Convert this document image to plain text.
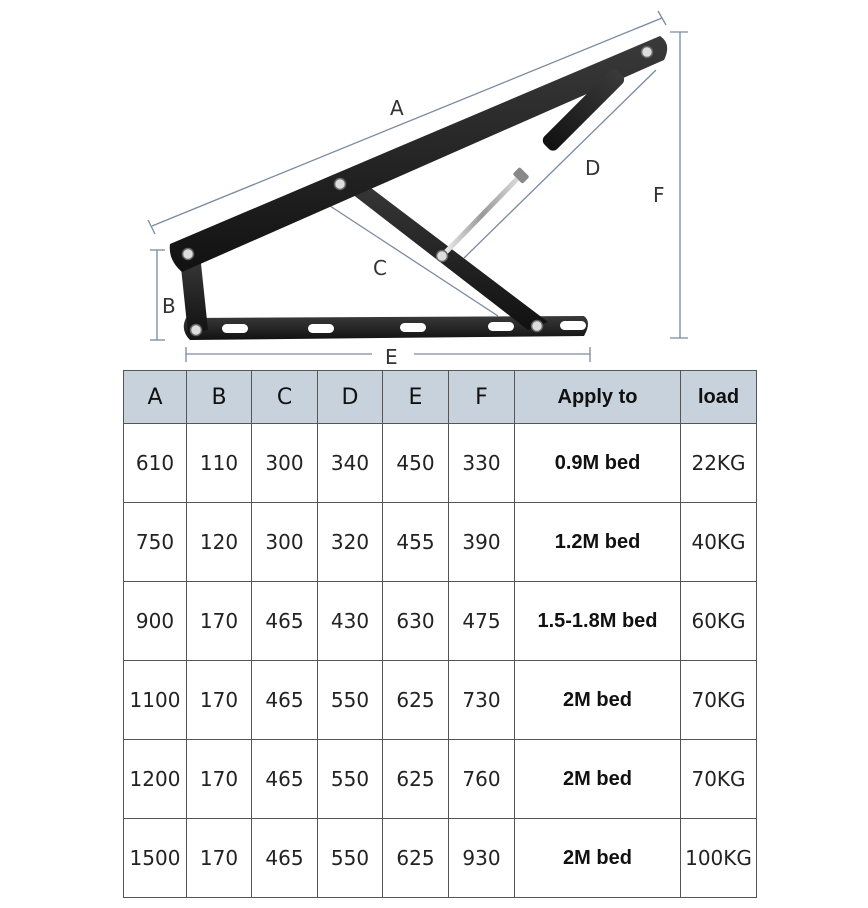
A
B
C
D
E
F
A	B	C	D	E	F	Apply to	load
610	110	300	340	450	330	0.9M bed	22KG
750	120	300	320	455	390	1.2M bed	40KG
900	170	465	430	630	475	1.5-1.8M bed	60KG
1100	170	465	550	625	730	2M bed	70KG
1200	170	465	550	625	760	2M bed	70KG
1500	170	465	550	625	930	2M bed	100KG
